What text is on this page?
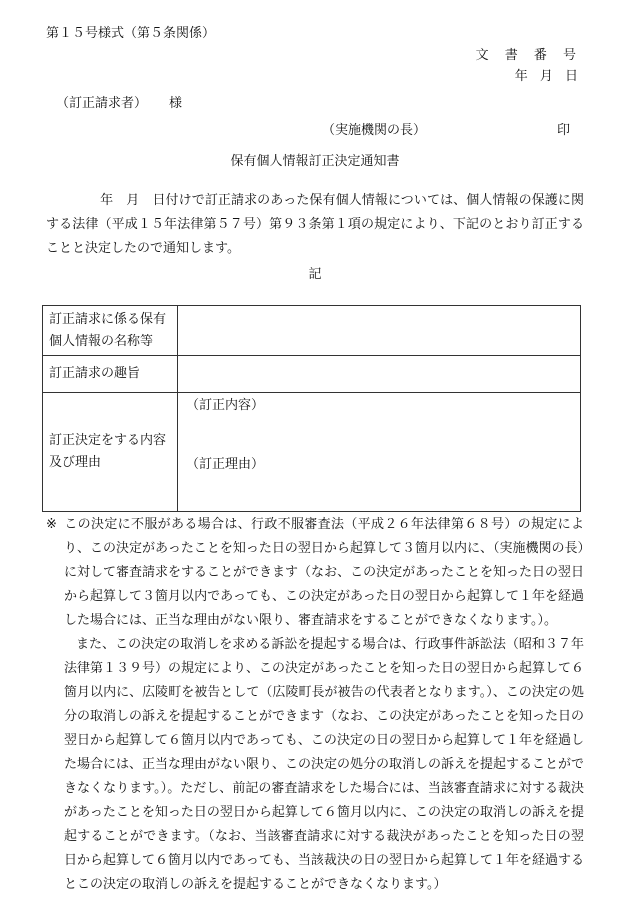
第１５号様式（第５条関係）
文 書 番 号
年 月 日
（訂正請求者） 様
（実施機関の長）	印
保有個人情報訂正決定通知書
年　月　日付けで訂正請求のあった保有個人情報については、個人情報の保護に関する法律（平成１５年法律第５７号）第９３条第１項の規定により、下記のとおり訂正することと決定したので通知します。
記
訂正請求に係る保有個人情報の名称等	
訂正請求の趣旨	
訂正決定をする内容及び理由	（訂正内容）
（訂正理由）

※ この決定に不服がある場合は、行政不服審査法（平成２６年法律第６８号）の規定により、この決定があったことを知った日の翌日から起算して３箇月以内に、（実施機関の長）に対して審査請求をすることができます（なお、この決定があったことを知った日の翌日から起算して３箇月以内であっても、この決定があった日の翌日から起算して１年を経過した場合には、正当な理由がない限り、審査請求をすることができなくなります。）。

また、この決定の取消しを求める訴訟を提起する場合は、行政事件訴訟法（昭和３７年法律第１３９号）の規定により、この決定があったことを知った日の翌日から起算して６箇月以内に、広陵町を被告として（広陵町長が被告の代表者となります。）、この決定の処分の取消しの訴えを提起することができます（なお、この決定があったことを知った日の翌日から起算して６箇月以内であっても、この決定の日の翌日から起算して１年を経過した場合には、正当な理由がない限り、この決定の処分の取消しの訴えを提起することができなくなります。）。ただし、前記の審査請求をした場合には、当該審査請求に対する裁決があったことを知った日の翌日から起算して６箇月以内に、この決定の取消しの訴えを提起することができます。（なお、当該審査請求に対する裁決があったことを知った日の翌日から起算して６箇月以内であっても、当該裁決の日の翌日から起算して１年を経過するとこの決定の取消しの訴えを提起することができなくなります。）
